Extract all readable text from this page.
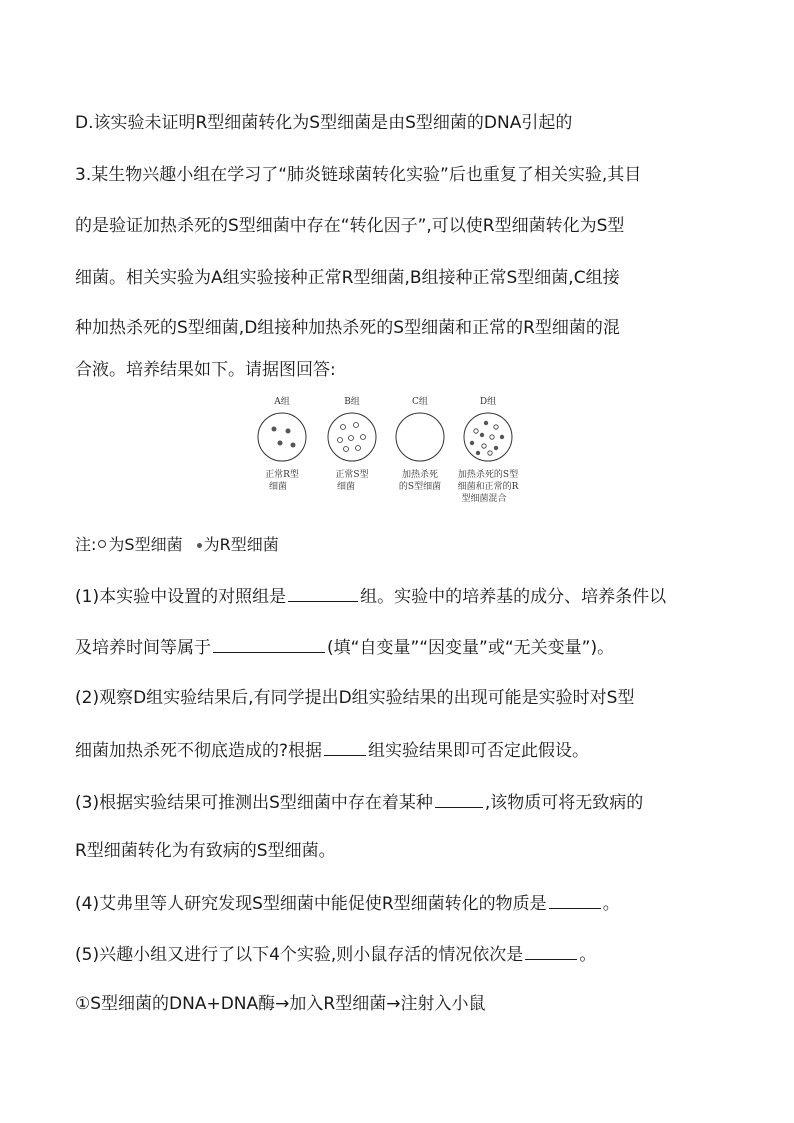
D.该实验未证明R型细菌转化为S型细菌是由S型细菌的DNA引起的
3.某生物兴趣小组在学习了“肺炎链球菌转化实验”后也重复了相关实验,其目
的是验证加热杀死的S型细菌中存在“转化因子”,可以使R型细菌转化为S型
细菌。相关实验为A组实验接种正常R型细菌,B组接种正常S型细菌,C组接
种加热杀死的S型细菌,D组接种加热杀死的S型细菌和正常的R型细菌的混
合液。培养结果如下。请据图回答:
A组
正常R型
细菌
B组
正常S型
细菌
C组
加热杀死
的S型细菌
D组
加热杀死的S型
细菌和正常的R
型细菌混合
注: 为S型细菌 为R型细菌
(1)本实验中设置的对照组是	组。实验中的培养基的成分、培养条件以
及培养时间等属于	(填“自变量”“因变量”或“无关变量”)。
(2)观察D组实验结果后,有同学提出D组实验结果的出现可能是实验时对S型
细菌加热杀死不彻底造成的?根据	组实验结果即可否定此假设。
(3)根据实验结果可推测出S型细菌中存在着某种	,该物质可将无致病的
R型细菌转化为有致病的S型细菌。
(4)艾弗里等人研究发现S型细菌中能促使R型细菌转化的物质是	。
(5)兴趣小组又进行了以下4个实验,则小鼠存活的情况依次是	。
①S型细菌的DNA+DNA酶→加入R型细菌→注射入小鼠
